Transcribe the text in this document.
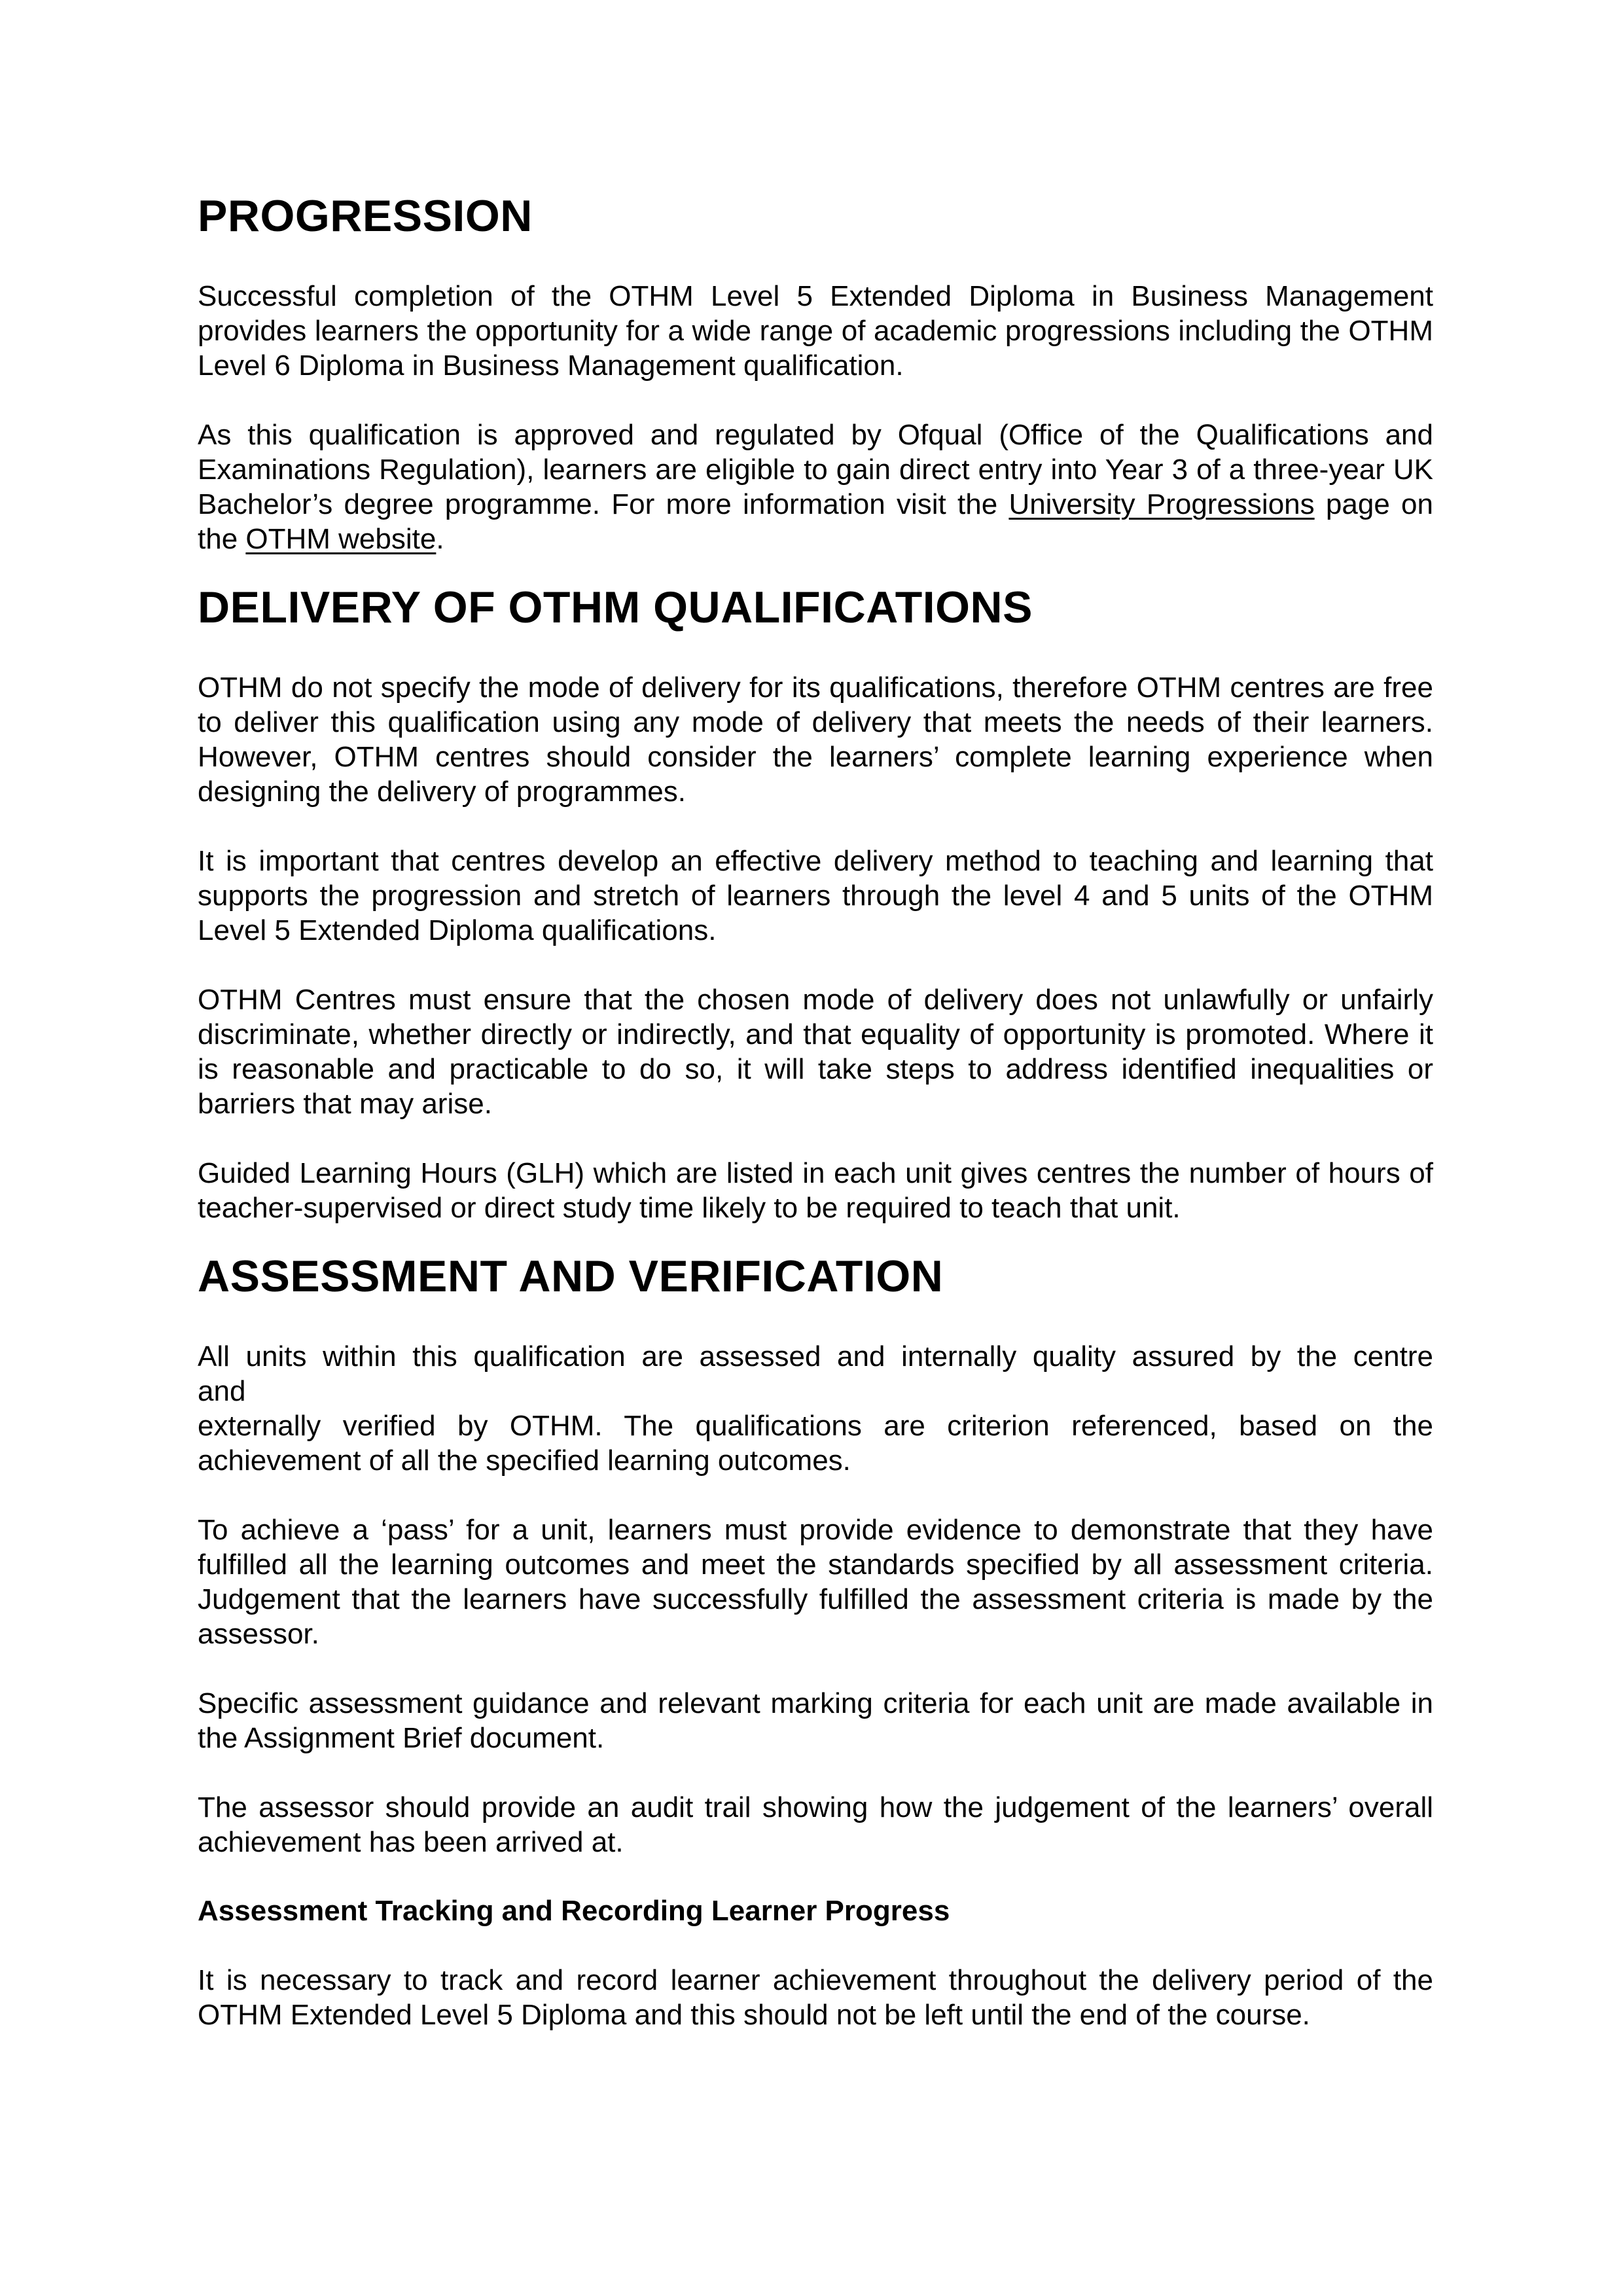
PROGRESSION

Successful completion of the OTHM Level 5 Extended Diploma in Business Management provides learners the opportunity for a wide range of academic progressions including the OTHM Level 6 Diploma in Business Management qualification.

As this qualification is approved and regulated by Ofqual (Office of the Qualifications and Examinations Regulation), learners are eligible to gain direct entry into Year 3 of a three-year UK Bachelor’s degree programme. For more information visit the University Progressions page on the OTHM website.

DELIVERY OF OTHM QUALIFICATIONS

OTHM do not specify the mode of delivery for its qualifications, therefore OTHM centres are free to deliver this qualification using any mode of delivery that meets the needs of their learners. However, OTHM centres should consider the learners’ complete learning experience when designing the delivery of programmes.

It is important that centres develop an effective delivery method to teaching and learning that supports the progression and stretch of learners through the level 4 and 5 units of the OTHM Level 5 Extended Diploma qualifications.

OTHM Centres must ensure that the chosen mode of delivery does not unlawfully or unfairly discriminate, whether directly or indirectly, and that equality of opportunity is promoted. Where it is reasonable and practicable to do so, it will take steps to address identified inequalities or barriers that may arise.

Guided Learning Hours (GLH) which are listed in each unit gives centres the number of hours of teacher-supervised or direct study time likely to be required to teach that unit.

ASSESSMENT AND VERIFICATION

All units within this qualification are assessed and internally quality assured by the centre
and
externally verified by OTHM. The qualifications are criterion referenced, based on the achievement of all the specified learning outcomes.

To achieve a ‘pass’ for a unit, learners must provide evidence to demonstrate that they have fulfilled all the learning outcomes and meet the standards specified by all assessment criteria. Judgement that the learners have successfully fulfilled the assessment criteria is made by the assessor.

Specific assessment guidance and relevant marking criteria for each unit are made available in the Assignment Brief document.

The assessor should provide an audit trail showing how the judgement of the learners’ overall achievement has been arrived at.

Assessment Tracking and Recording Learner Progress

It is necessary to track and record learner achievement throughout the delivery period of the OTHM Extended Level 5 Diploma and this should not be left until the end of the course.
